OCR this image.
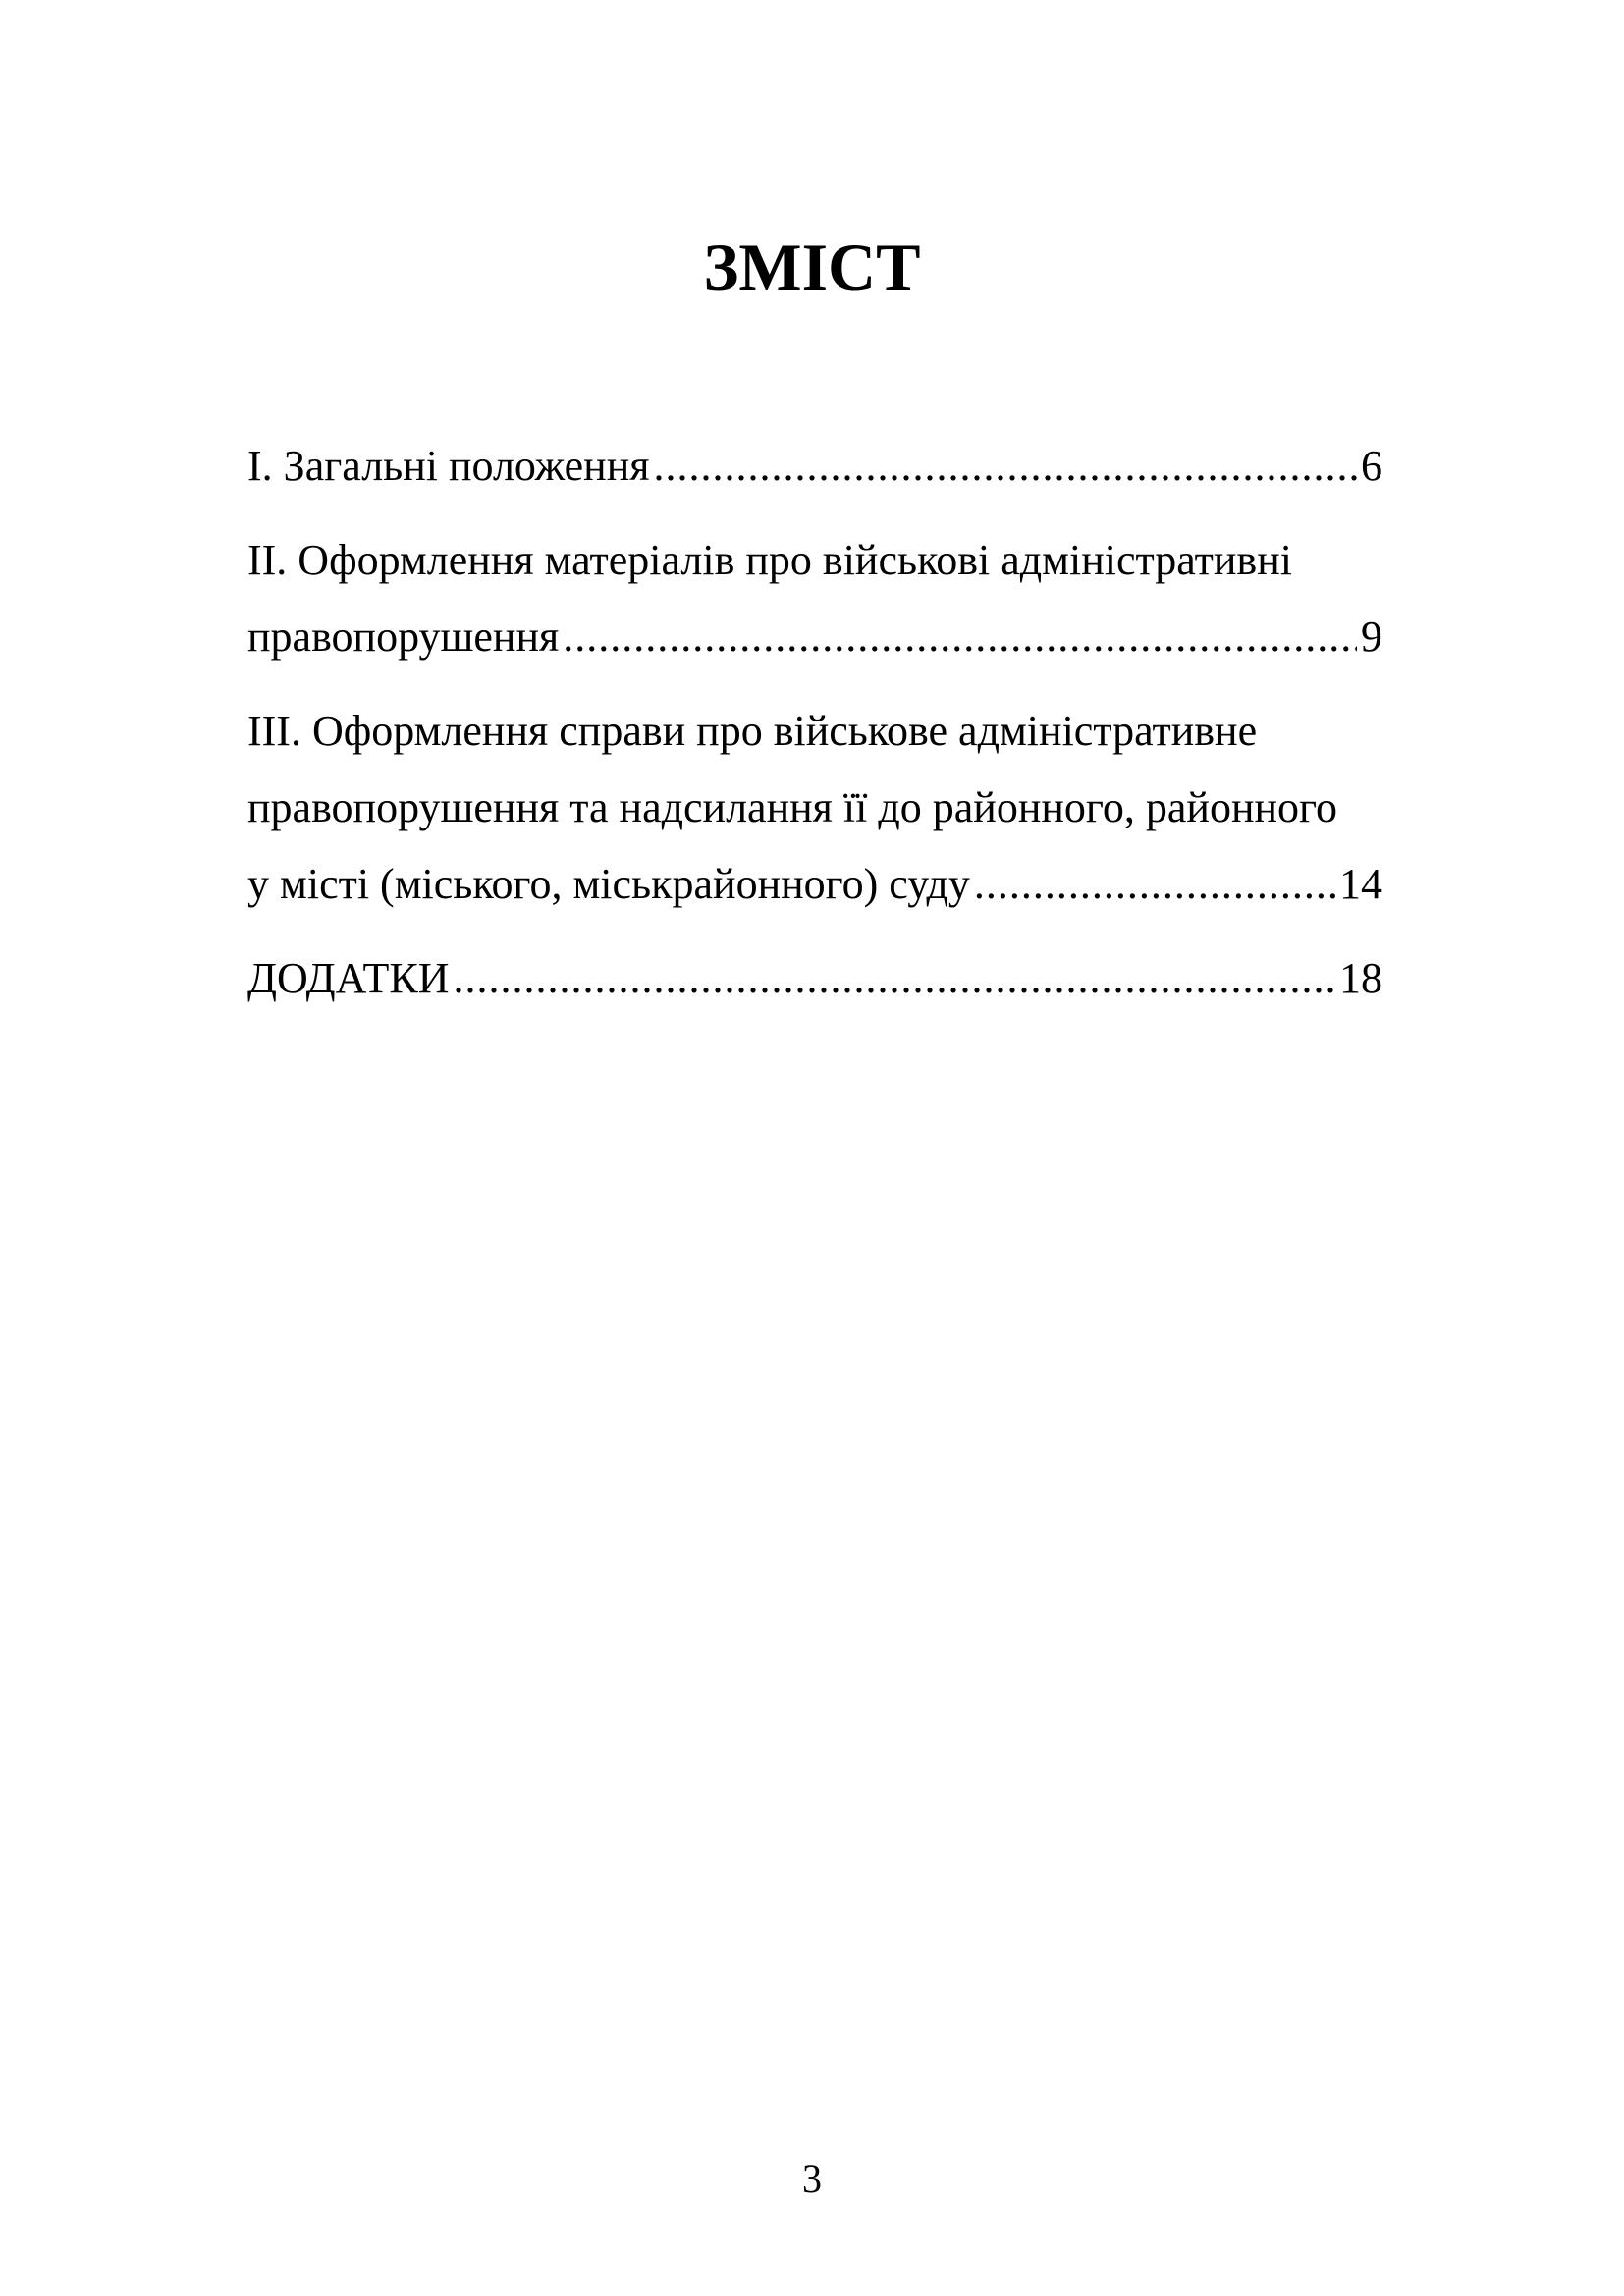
ЗМІСТ
І. Загальні положення .....	6
ІІ. Оформлення матеріалів про військові адміністративні
правопорушення .....	9
ІІІ. Оформлення справи про військове адміністративне
правопорушення та надсилання її до районного, районного
у місті (міського, міськрайонного) суду .....	14
ДОДАТКИ .....	18
3
